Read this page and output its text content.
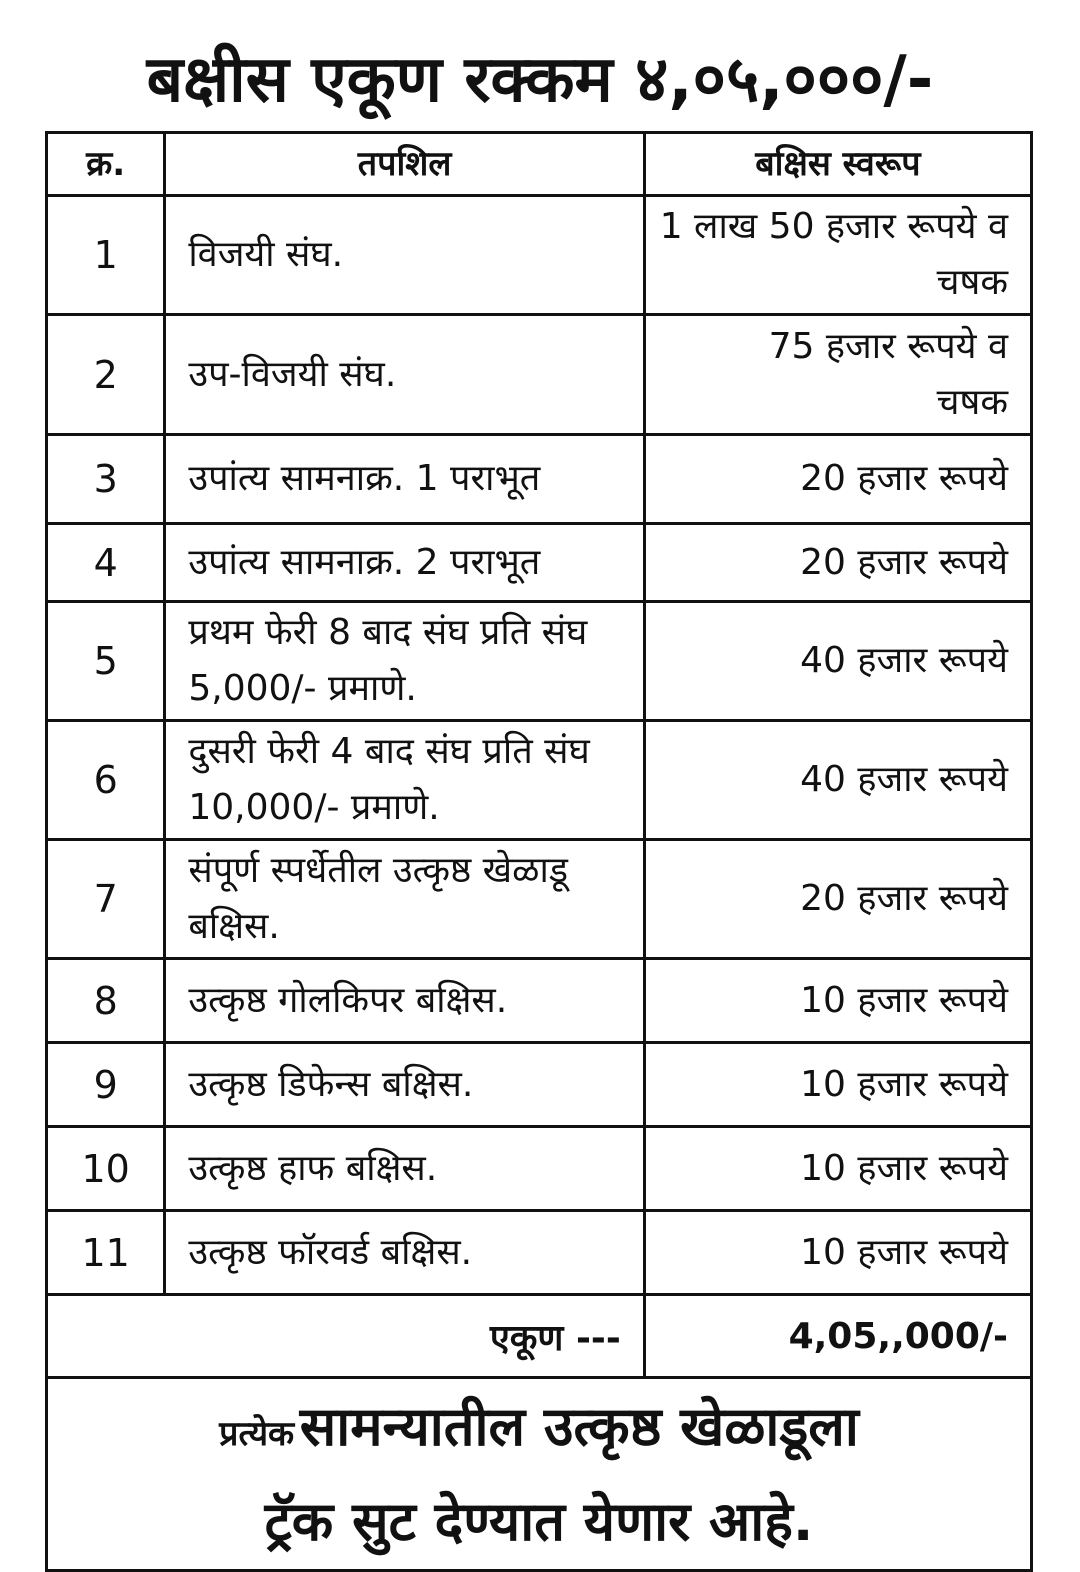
बक्षीस एकूण रक्कम ४,०५,०००/-
क्र.	तपशिल	बक्षिस स्वरूप
1	विजयी संघ.	1 लाख 50 हजार रूपये व चषक
2	उप-विजयी संघ.	75 हजार रूपये व चषक
3	उपांत्य सामनाक्र. 1 पराभूत	20 हजार रूपये
4	उपांत्य सामनाक्र. 2 पराभूत	20 हजार रूपये
5	प्रथम फेरी 8 बाद संघ प्रति संघ 5,000/- प्रमाणे.	40 हजार रूपये
6	दुसरी फेरी 4 बाद संघ प्रति संघ 10,000/- प्रमाणे.	40 हजार रूपये
7	संपूर्ण स्पर्धेतील उत्कृष्ठ खेळाडू बक्षिस.	20 हजार रूपये
8	उत्कृष्ठ गोलकिपर बक्षिस.	10 हजार रूपये
9	उत्कृष्ठ डिफेन्स बक्षिस.	10 हजार रूपये
10	उत्कृष्ठ हाफ बक्षिस.	10 हजार रूपये
11	उत्कृष्ठ फॉरवर्ड बक्षिस.	10 हजार रूपये
एकूण ---		4,05,,000/-

प्रत्येक सामन्यातील उत्कृष्ठ खेळाडूला
ट्रॅक सुट देण्यात येणार आहे.		
